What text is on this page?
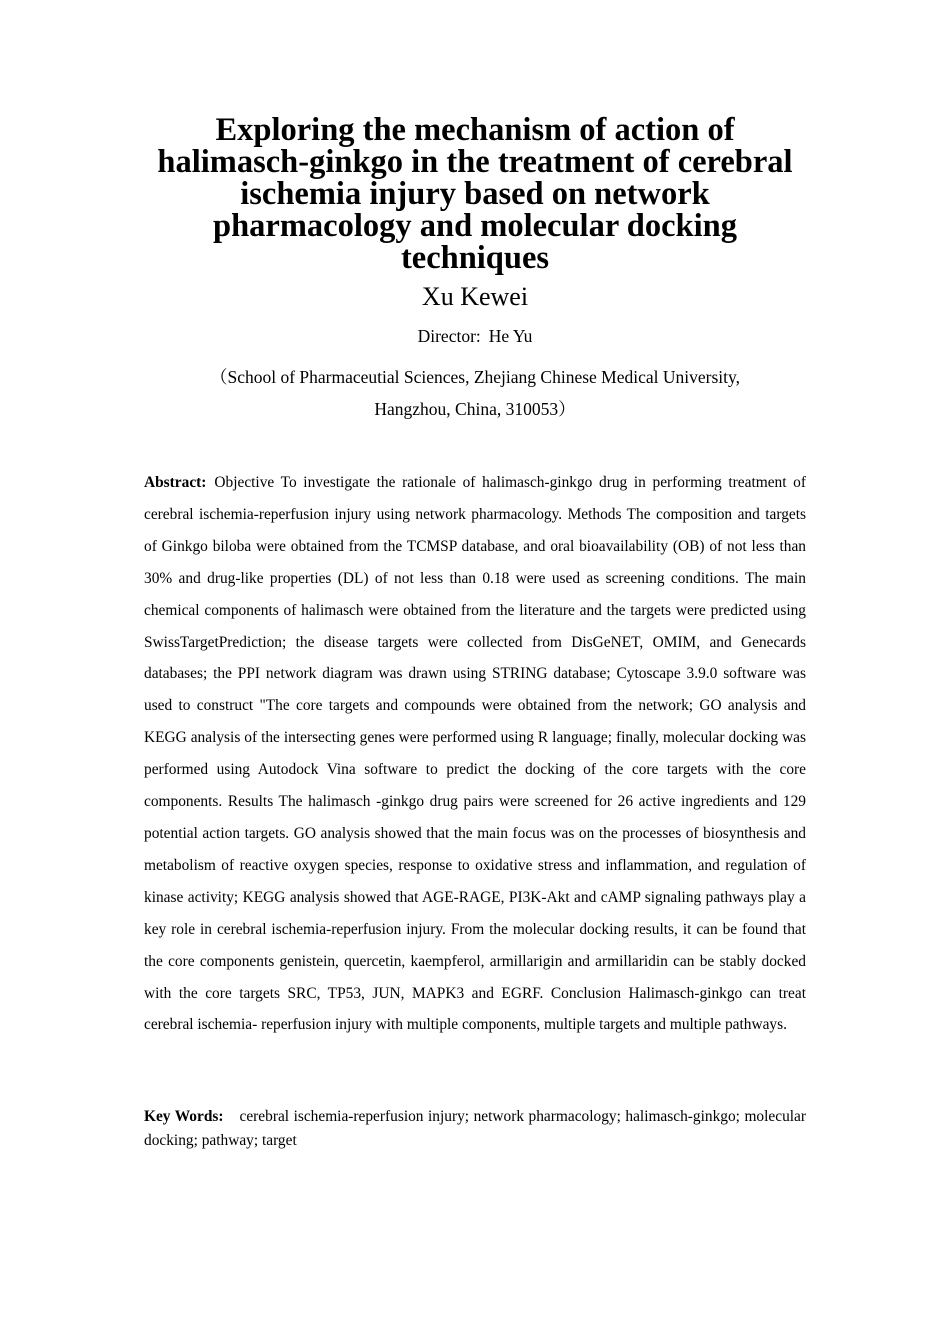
Exploring the mechanism of action of halimasch-ginkgo in the treatment of cerebral ischemia injury based on network pharmacology and molecular docking techniques
Xu Kewei
Director: He Yu
（School of Pharmaceutial Sciences, Zhejiang Chinese Medical University,
Hangzhou, China, 310053）

Abstract: Objective To investigate the rationale of halimasch-ginkgo drug in performing treatment of cerebral ischemia-reperfusion injury using network pharmacology. Methods The composition and targets of Ginkgo biloba were obtained from the TCMSP database, and oral bioavailability (OB) of not less than 30% and drug-like properties (DL) of not less than 0.18 were used as screening conditions. The main chemical components of halimasch were obtained from the literature and the targets were predicted using SwissTargetPrediction; the disease targets were collected from DisGeNET, OMIM, and Genecards databases; the PPI network diagram was drawn using STRING database; Cytoscape 3.9.0 software was used to construct "The core targets and compounds were obtained from the network; GO analysis and KEGG analysis of the intersecting genes were performed using R language; finally, molecular docking was performed using Autodock Vina software to predict the docking of the core targets with the core components. Results The halimasch -ginkgo drug pairs were screened for 26 active ingredients and 129 potential action targets. GO analysis showed that the main focus was on the processes of biosynthesis and metabolism of reactive oxygen species, response to oxidative stress and inflammation, and regulation of kinase activity; KEGG analysis showed that AGE-RAGE, PI3K-Akt and cAMP signaling pathways play a key role in cerebral ischemia-reperfusion injury. From the molecular docking results, it can be found that the core components genistein, quercetin, kaempferol, armillarigin and armillaridin can be stably docked with the core targets SRC, TP53, JUN, MAPK3 and EGRF. Conclusion Halimasch-ginkgo can treat cerebral ischemia- reperfusion injury with multiple components, multiple targets and multiple pathways.

Key Words: cerebral ischemia-reperfusion injury; network pharmacology; halimasch-ginkgo; molecular docking; pathway; target
